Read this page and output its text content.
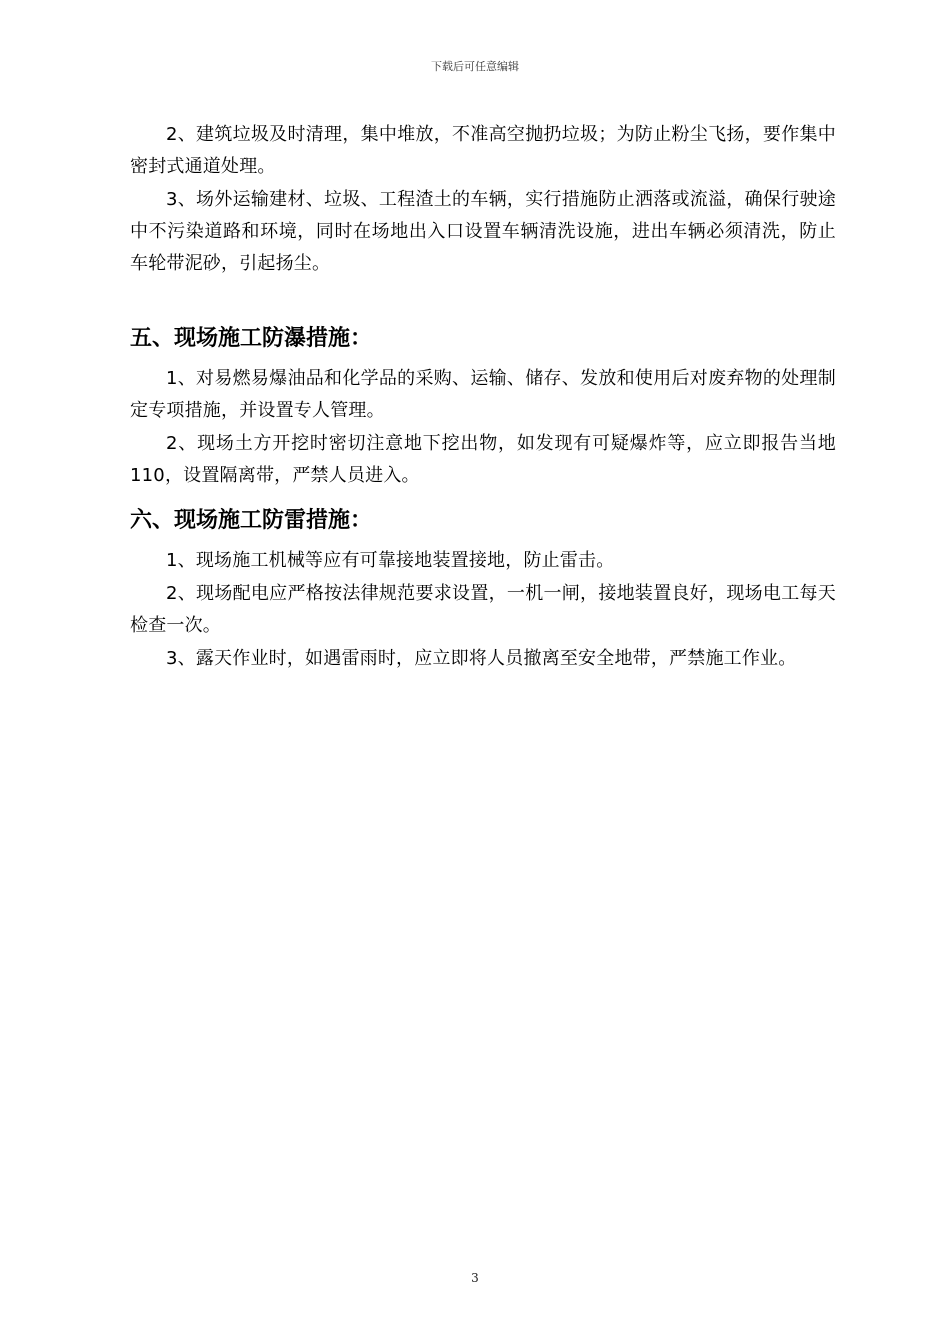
下载后可任意编辑

2、建筑垃圾及时清理，集中堆放，不准高空抛扔垃圾；为防止粉尘飞扬，要作集中密封式通道处理。

3、场外运输建材、垃圾、工程渣土的车辆，实行措施防止洒落或流溢，确保行驶途中不污染道路和环境，同时在场地出入口设置车辆清洗设施，进出车辆必须清洗，防止车轮带泥砂，引起扬尘。

五、现场施工防瀑措施：

1、对易燃易爆油品和化学品的采购、运输、储存、发放和使用后对废弃物的处理制定专项措施，并设置专人管理。

2、现场土方开挖时密切注意地下挖出物，如发现有可疑爆炸等，应立即报告当地 110，设置隔离带，严禁人员进入。

六、现场施工防雷措施：

1、现场施工机械等应有可靠接地装置接地，防止雷击。

2、现场配电应严格按法律规范要求设置，一机一闸，接地装置良好，现场电工每天检查一次。

3、露天作业时，如遇雷雨时，应立即将人员撤离至安全地带，严禁施工作业。

3
